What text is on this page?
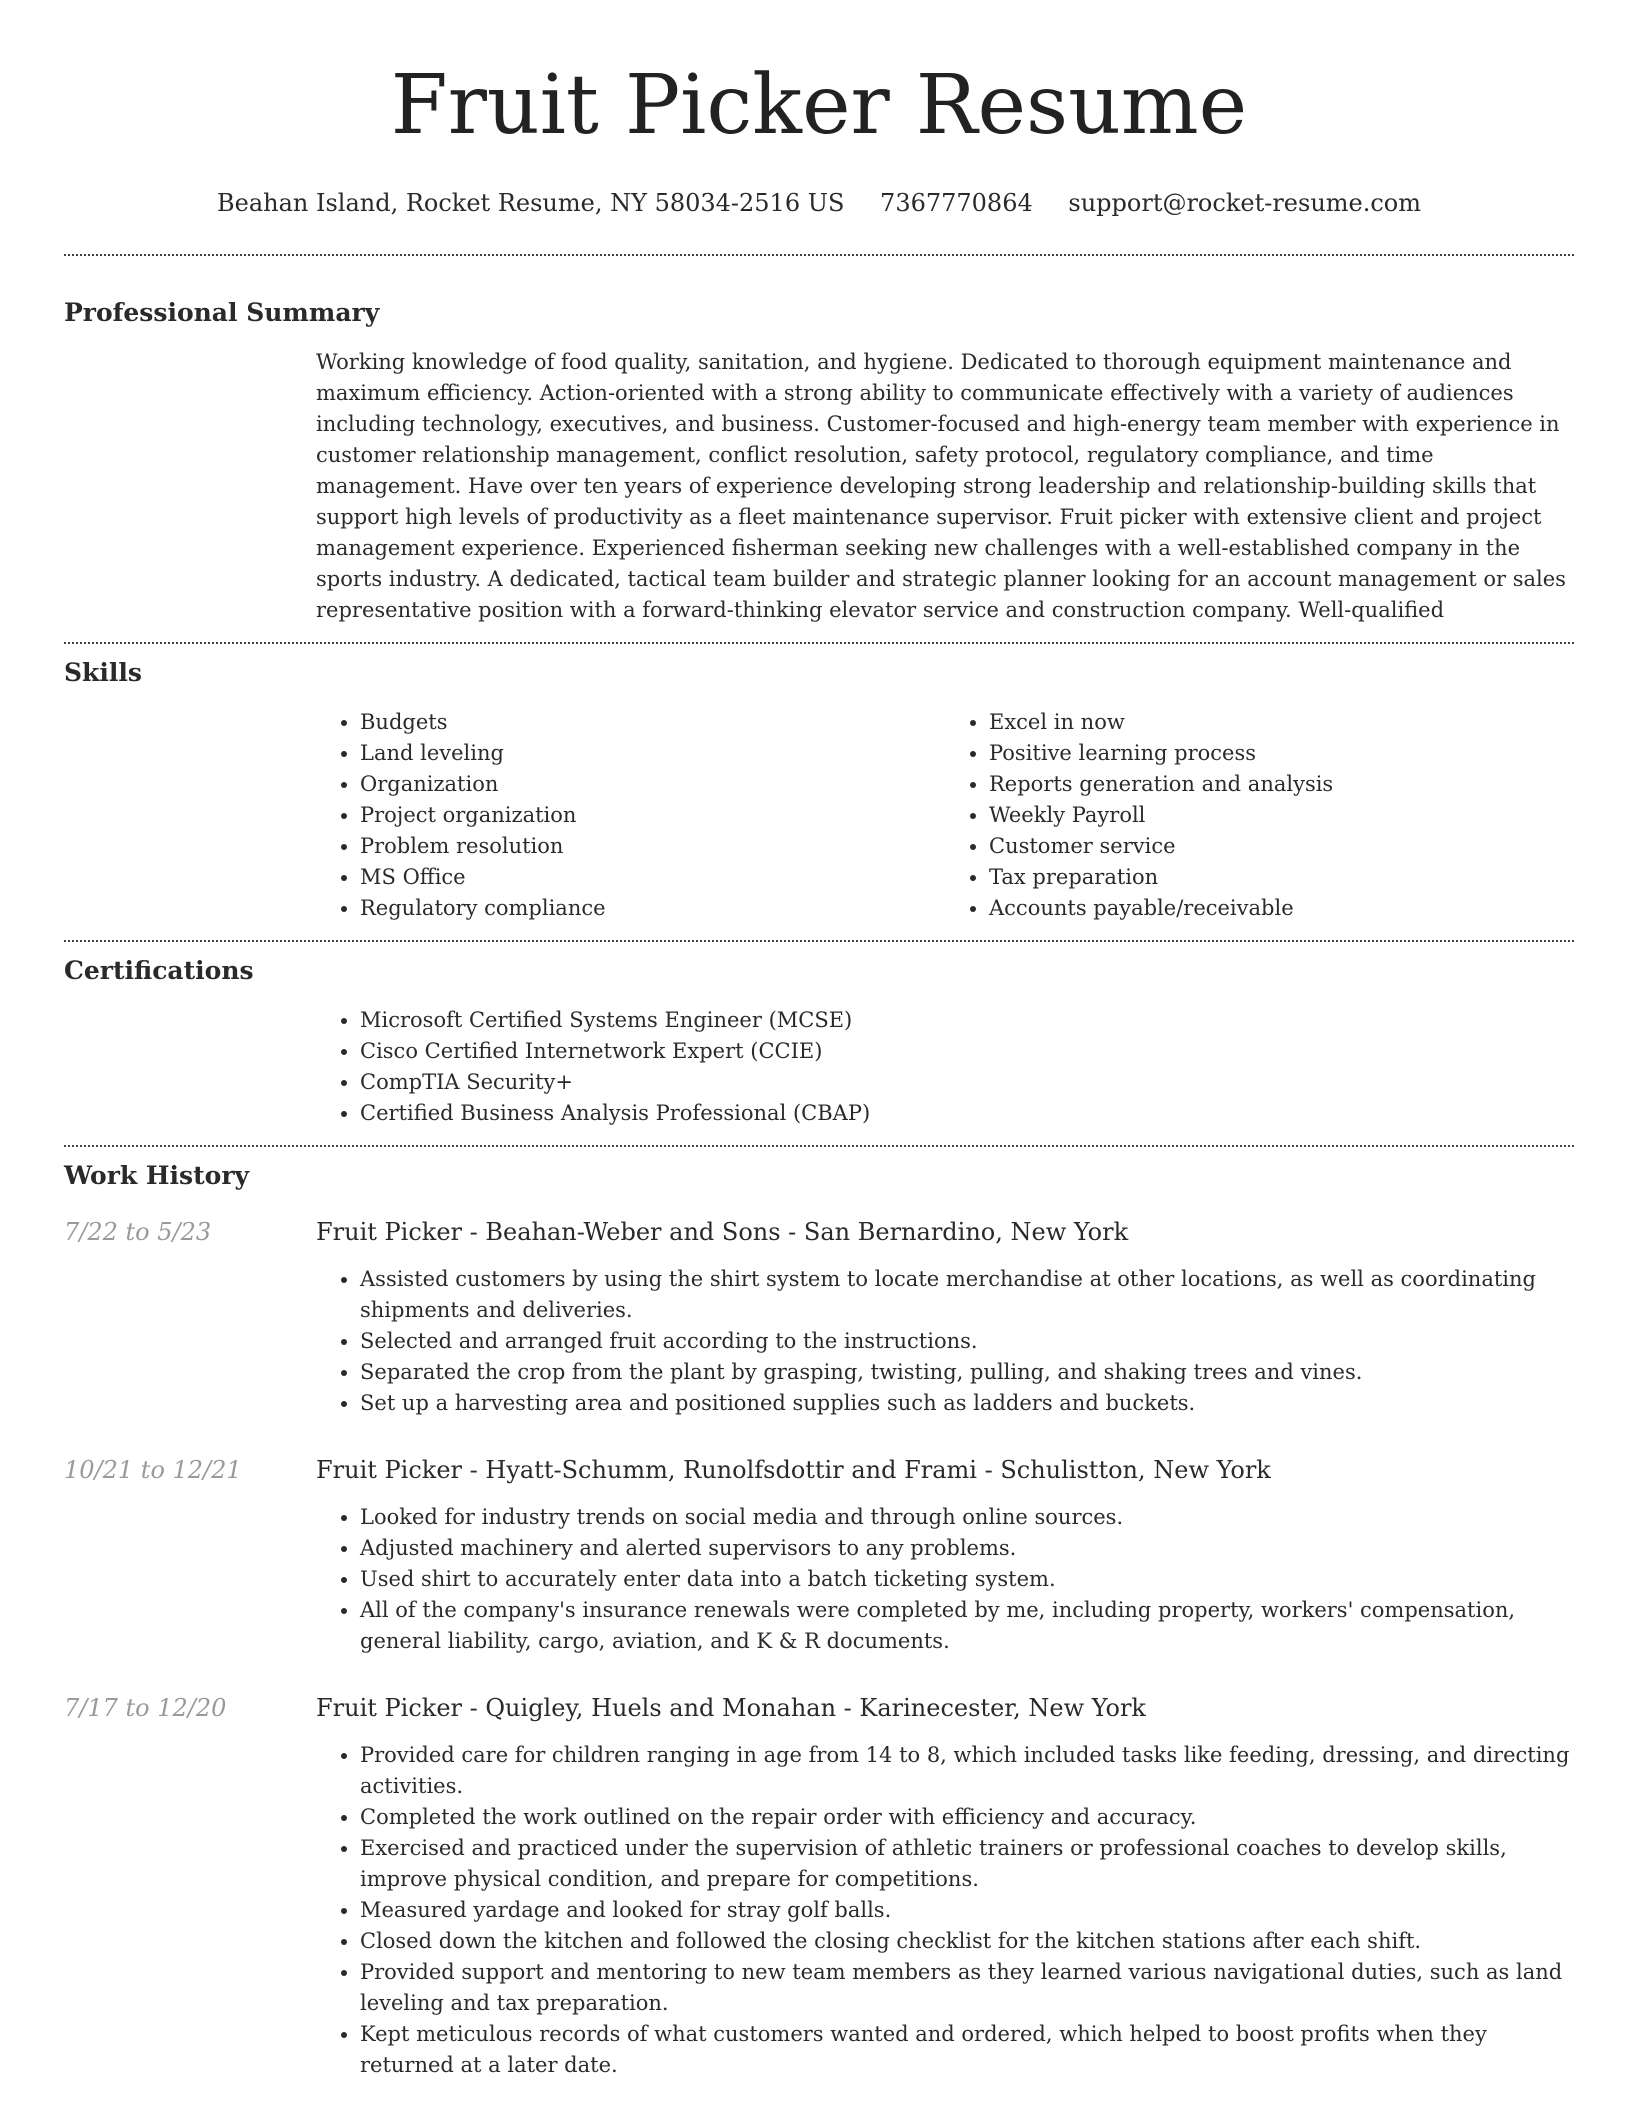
Fruit Picker Resume
Beahan Island, Rocket Resume, NY 58034-2516 US 7367770864 support@rocket-resume.com
Professional Summary
Working knowledge of food quality, sanitation, and hygiene. Dedicated to thorough equipment maintenance and maximum efficiency. Action-oriented with a strong ability to communicate effectively with a variety of audiences including technology, executives, and business. Customer-focused and high-energy team member with experience in customer relationship management, conflict resolution, safety protocol, regulatory compliance, and time management. Have over ten years of experience developing strong leadership and relationship-building skills that support high levels of productivity as a fleet maintenance supervisor. Fruit picker with extensive client and project management experience. Experienced fisherman seeking new challenges with a well-established company in the sports industry. A dedicated, tactical team builder and strategic planner looking for an account management or sales representative position with a forward-thinking elevator service and construction company. Well-qualified
Skills
• Budgets
• Land leveling
• Organization
• Project organization
• Problem resolution
• MS Office
• Regulatory compliance
• Excel in now
• Positive learning process
• Reports generation and analysis
• Weekly Payroll
• Customer service
• Tax preparation
• Accounts payable/receivable
Certifications
• Microsoft Certified Systems Engineer (MCSE)
• Cisco Certified Internetwork Expert (CCIE)
• CompTIA Security+
• Certified Business Analysis Professional (CBAP)
Work History
7/22 to 5/23	Fruit Picker - Beahan-Weber and Sons - San Bernardino, New York
• Assisted customers by using the shirt system to locate merchandise at other locations, as well as coordinating shipments and deliveries.
• Selected and arranged fruit according to the instructions.
• Separated the crop from the plant by grasping, twisting, pulling, and shaking trees and vines.
• Set up a harvesting area and positioned supplies such as ladders and buckets.
10/21 to 12/21	Fruit Picker - Hyatt-Schumm, Runolfsdottir and Frami - Schulistton, New York
• Looked for industry trends on social media and through online sources.
• Adjusted machinery and alerted supervisors to any problems.
• Used shirt to accurately enter data into a batch ticketing system.
• All of the company's insurance renewals were completed by me, including property, workers' compensation, general liability, cargo, aviation, and K & R documents.
7/17 to 12/20	Fruit Picker - Quigley, Huels and Monahan - Karinecester, New York
• Provided care for children ranging in age from 14 to 8, which included tasks like feeding, dressing, and directing activities.
• Completed the work outlined on the repair order with efficiency and accuracy.
• Exercised and practiced under the supervision of athletic trainers or professional coaches to develop skills, improve physical condition, and prepare for competitions.
• Measured yardage and looked for stray golf balls.
• Closed down the kitchen and followed the closing checklist for the kitchen stations after each shift.
• Provided support and mentoring to new team members as they learned various navigational duties, such as land leveling and tax preparation.
• Kept meticulous records of what customers wanted and ordered, which helped to boost profits when they returned at a later date.
